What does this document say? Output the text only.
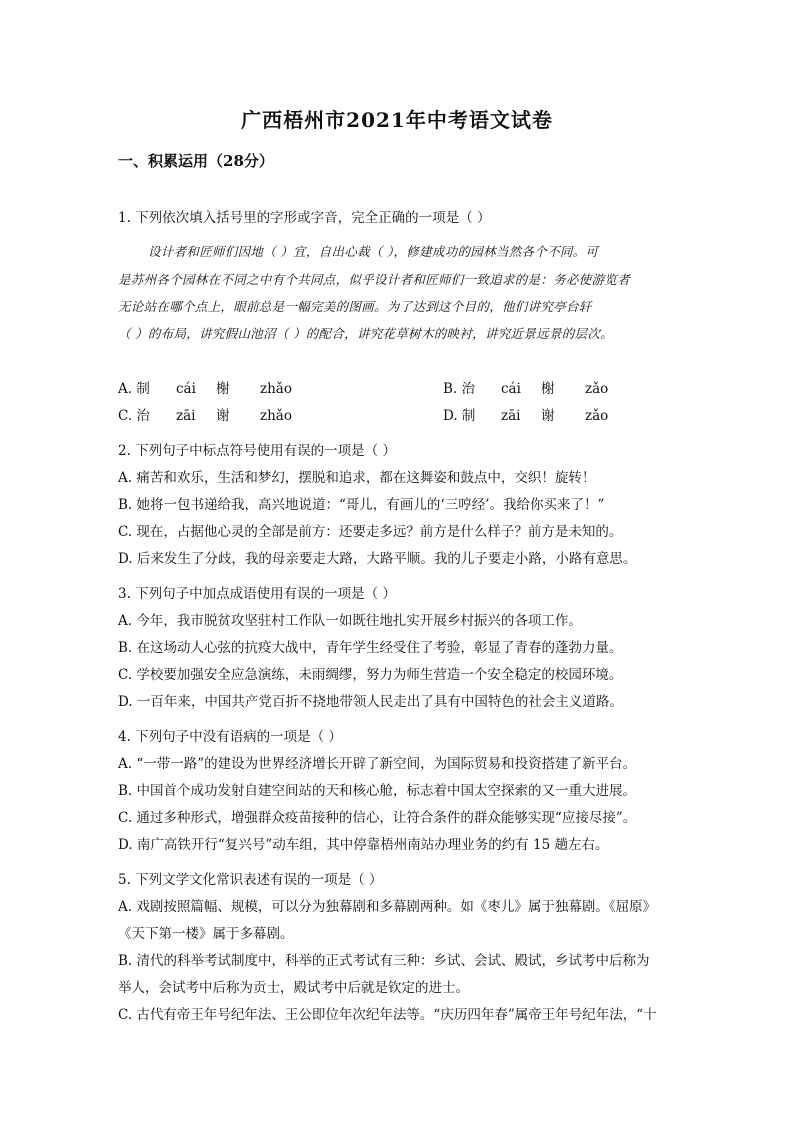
广西梧州市2021年中考语文试卷
一、积累运用（28分）
1. 下列依次填入括号里的字形或字音，完全正确的一项是（ ）
设计者和匠师们因地（ ）宜，自出心裁（ ），修建成功的园林当然各个不同。可
是苏州各个园林在不同之中有个共同点，似乎设计者和匠师们一致追求的是：务必使游览者
无论站在哪个点上，眼前总是一幅完美的图画。为了达到这个目的，他们讲究亭台轩
（ ）的布局，讲究假山池沼（ ）的配合，讲究花草树木的映衬，讲究近景远景的层次。
A. 制 cái 榭 zhǎo	B. 治 cái 榭 zǎo
C. 治 zāi 谢 zhǎo	D. 制 zāi 谢 zǎo
2. 下列句子中标点符号使用有误的一项是（ ）
A. 痛苦和欢乐，生活和梦幻，摆脱和追求，都在这舞姿和鼓点中，交织！旋转！
B. 她将一包书递给我，高兴地说道：“哥儿，有画儿的‘三哼经’。我给你买来了！”
C. 现在，占据他心灵的全部是前方：还要走多远？前方是什么样子？前方是未知的。
D. 后来发生了分歧，我的母亲要走大路，大路平顺。我的儿子要走小路，小路有意思。
3. 下列句子中加点成语使用有误的一项是（ ）
A. 今年，我市脱贫攻坚驻村工作队一如既往地扎实开展乡村振兴的各项工作。
B. 在这场动人心弦的抗疫大战中，青年学生经受住了考验，彰显了青春的蓬勃力量。
C. 学校要加强安全应急演练，未雨绸缪，努力为师生营造一个安全稳定的校园环境。
D. 一百年来，中国共产党百折不挠地带领人民走出了具有中国特色的社会主义道路。
4. 下列句子中没有语病的一项是（ ）
A. “一带一路”的建设为世界经济增长开辟了新空间，为国际贸易和投资搭建了新平台。
B. 中国首个成功发射自建空间站的天和核心舱，标志着中国太空探索的又一重大进展。
C. 通过多种形式，增强群众疫苗接种的信心，让符合条件的群众能够实现“应接尽接”。
D. 南广高铁开行“复兴号”动车组，其中停靠梧州南站办理业务的约有 15 趟左右。
5. 下列文学文化常识表述有误的一项是（ ）
A. 戏剧按照篇幅、规模，可以分为独幕剧和多幕剧两种。如《枣儿》属于独幕剧。《屈原》
《天下第一楼》属于多幕剧。
B. 清代的科举考试制度中，科举的正式考试有三种：乡试、会试、殿试，乡试考中后称为
举人，会试考中后称为贡士，殿试考中后就是钦定的进士。
C. 古代有帝王年号纪年法、王公即位年次纪年法等。“庆历四年春”属帝王年号纪年法，“十
